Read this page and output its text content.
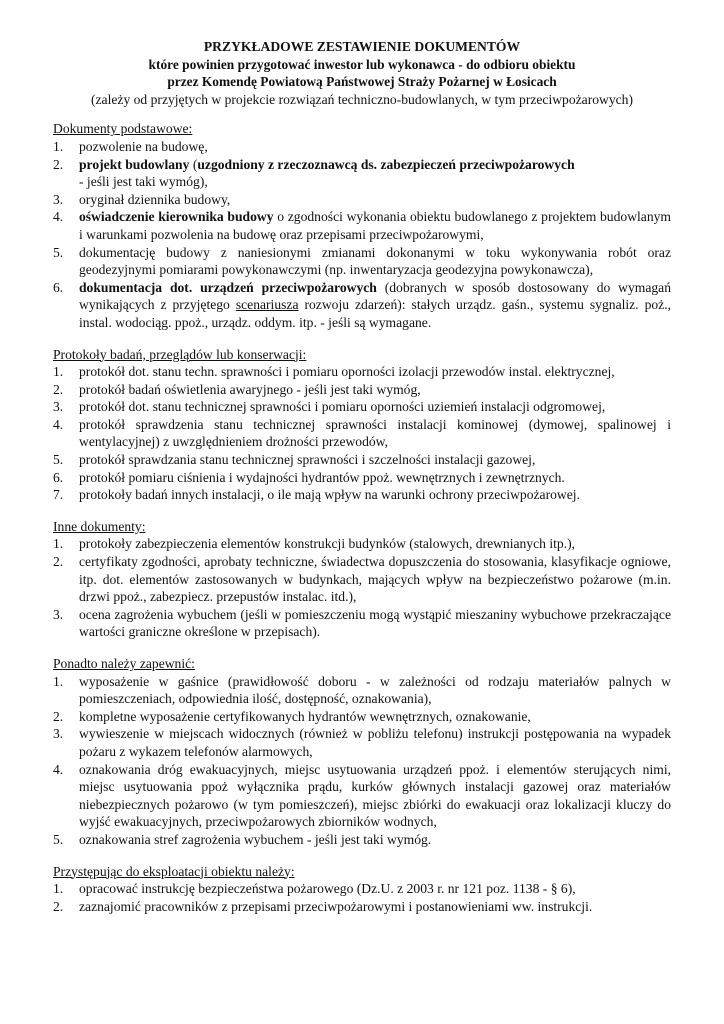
PRZYKŁADOWE ZESTAWIENIE DOKUMENTÓW
które powinien przygotować inwestor lub wykonawca - do odbioru obiektu
przez Komendę Powiatową Państwowej Straży Pożarnej w Łosicach
(zależy od przyjętych w projekcie rozwiązań techniczno-budowlanych, w tym przeciwpożarowych)
Dokumenty podstawowe:
1.	pozwolenie na budowę,
2.	projekt budowlany (uzgodniony z rzeczoznawcą ds. zabezpieczeń przeciwpożarowych
- jeśli jest taki wymóg),
3.	oryginał dziennika budowy,
4.	oświadczenie kierownika budowy o zgodności wykonania obiektu budowlanego z projektem budowlanym i warunkami pozwolenia na budowę oraz przepisami przeciwpożarowymi,
5.	dokumentację budowy z naniesionymi zmianami dokonanymi w toku wykonywania robót oraz geodezyjnymi pomiarami powykonawczymi (np. inwentaryzacja geodezyjna powykonawcza),
6.	dokumentacja dot. urządzeń przeciwpożarowych (dobranych w sposób dostosowany do wymagań wynikających z przyjętego scenariusza rozwoju zdarzeń): stałych urządz. gaśn., systemu sygnaliz. poż., instal. wodociąg. ppoż., urządz. oddym. itp. - jeśli są wymagane.
Protokoły badań, przeglądów lub konserwacji:
1.	protokół dot. stanu techn. sprawności i pomiaru oporności izolacji przewodów instal. elektrycznej,
2.	protokół badań oświetlenia awaryjnego - jeśli jest taki wymóg,
3.	protokół dot. stanu technicznej sprawności i pomiaru oporności uziemień instalacji odgromowej,
4.	protokół sprawdzenia stanu technicznej sprawności instalacji kominowej (dymowej, spalinowej i wentylacyjnej) z uwzględnieniem drożności przewodów,
5.	protokół sprawdzania stanu technicznej sprawności i szczelności instalacji gazowej,
6.	protokół pomiaru ciśnienia i wydajności hydrantów ppoż. wewnętrznych i zewnętrznych.
7.	protokoły badań innych instalacji, o ile mają wpływ na warunki ochrony przeciwpożarowej.
Inne dokumenty:
1.	protokoły zabezpieczenia elementów konstrukcji budynków (stalowych, drewnianych itp.),
2.	certyfikaty zgodności, aprobaty techniczne, świadectwa dopuszczenia do stosowania, klasyfikacje ogniowe, itp. dot. elementów zastosowanych w budynkach, mających wpływ na bezpieczeństwo pożarowe (m.in. drzwi ppoż., zabezpiecz. przepustów instalac. itd.),
3.	ocena zagrożenia wybuchem (jeśli w pomieszczeniu mogą wystąpić mieszaniny wybuchowe przekraczające wartości graniczne określone w przepisach).
Ponadto należy zapewnić:
1.	wyposażenie w gaśnice (prawidłowość doboru - w zależności od rodzaju materiałów palnych w pomieszczeniach, odpowiednia ilość, dostępność, oznakowania),
2.	kompletne wyposażenie certyfikowanych hydrantów wewnętrznych, oznakowanie,
3.	wywieszenie w miejscach widocznych (również w pobliżu telefonu) instrukcji postępowania na wypadek pożaru z wykazem telefonów alarmowych,
4.	oznakowania dróg ewakuacyjnych, miejsc usytuowania urządzeń ppoż. i elementów sterujących nimi, miejsc usytuowania ppoż wyłącznika prądu, kurków głównych instalacji gazowej oraz materiałów niebezpiecznych pożarowo (w tym pomieszczeń), miejsc zbiórki do ewakuacji oraz lokalizacji kluczy do wyjść ewakuacyjnych, przeciwpożarowych zbiorników wodnych,
5.	oznakowania stref zagrożenia wybuchem - jeśli jest taki wymóg.
Przystępując do eksploatacji obiektu należy:
1.	opracować instrukcję bezpieczeństwa pożarowego (Dz.U. z 2003 r. nr 121 poz. 1138 - § 6),
2.	zaznajomić pracowników z przepisami przeciwpożarowymi i postanowieniami ww. instrukcji.
